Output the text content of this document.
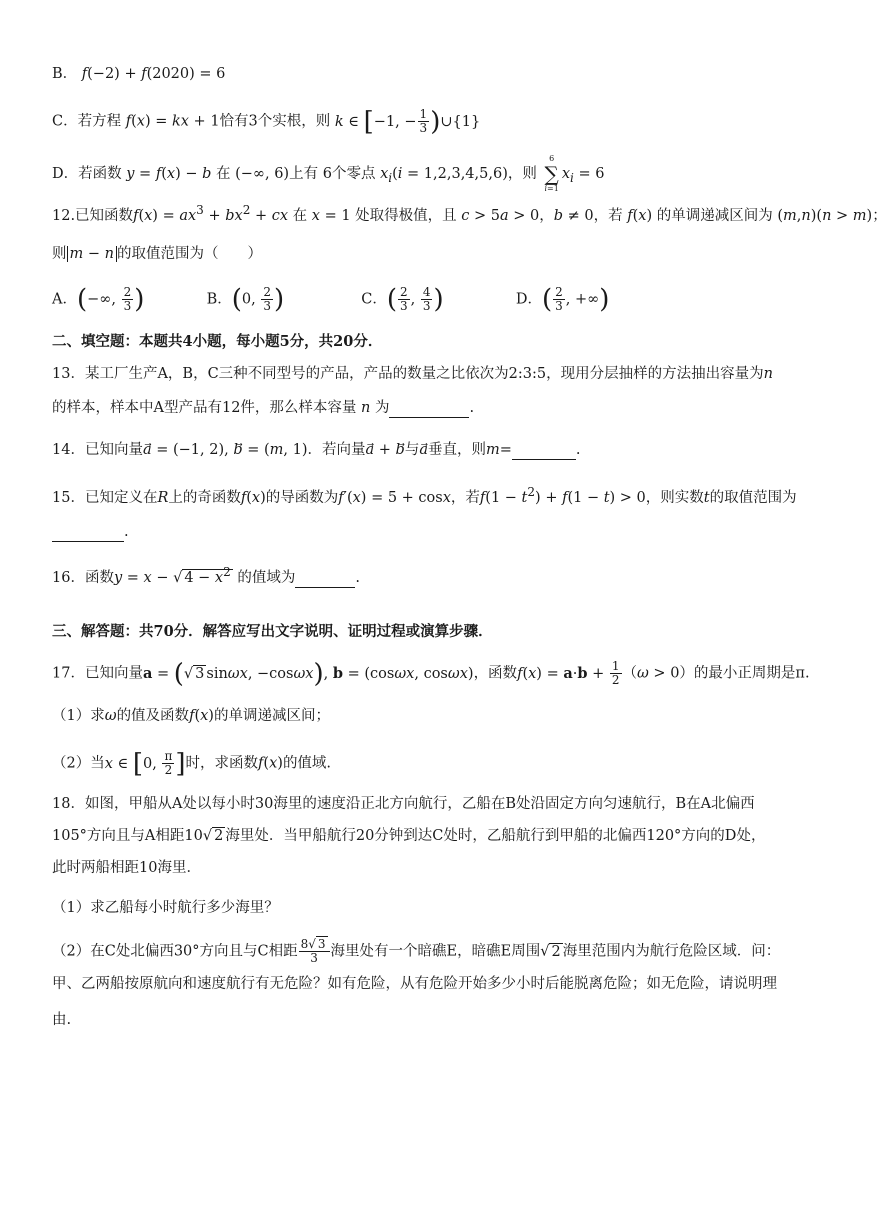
B． f(−2) + f(2020) = 6
C．若方程 f(x) = kx + 1恰有3个实根，则 k ∈ [−1, − $\frac{1}{3}$ )∪{1}
D．若函数 y = f(x) − b 在 (−∞, 6)上有 6个零点 $x_i(i = 1,2,3,4,5,6)$，则
6
∑
i=1
$x_i = 6$
12.已知函数$f(x) = ax^3 + bx^2$ + cx 在 x = 1 处取得极值，且 c > 5a > 0，b ≠ 0，若 f(x) 的单调递减区间为 (m,n)(n > m)；
则 m − n 的取值范围为（　　）
A．(−∞, $\frac{2}{3}$ )	B．(0, $\frac{2}{3}$ )	C．( $\frac{2}{3}$ , $\frac{4}{3}$ )	D．( $\frac{2}{3}$ , +∞)
二、填空题：本题共4小题，每小题5分，共20分．
13．某工厂生产A，B，C三种不同型号的产品，产品的数量之比依次为2:3:5，现用分层抽样的方法抽出容量为n
的样本，样本中A型产品有12件，那么样本容量 n 为	.
14．已知向量a⃗ = (−1, 2), b⃗ = (m, 1)．若向量a⃗ + b与a垂直，则m=	.
15．已知定义在R上的奇函数f(x)的导函数为f′(x) = 5 + cosx，若$f(1 - t^2) + f(1 - t) > 0$，则实数t的取值范围为
.
16．函数y = x − √ $4 - x^2$ 的值域为	.
三、解答题：共70分．解答应写出文字说明、证明过程或演算步骤．
17．已知向量a = (√ 3 sinωx, −cosωx), b = (cosωx, cosωx)，函数$f(x) = a\cdot b + \frac{1}{2} (\omega > 0)$的最小正周期是π.
（1）求ω的值及函数f(x)的单调递减区间；
（2）当x ∈ [0, $\frac{\pi}{2}$ ]时，求函数f(x)的值域.
18．如图，甲船从A处以每小时30海里的速度沿正北方向航行，乙船在B处沿固定方向匀速航行，B在A北偏西
105°方向且与A相距10√ 2 海里处．当甲船航行20分钟到达C处时，乙船航行到甲船的北偏西120°方向的D处，
此时两船相距10海里．
（1）求乙船每小时航行多少海里？
（2）在C处北偏西30°方向且与C相距 $\frac{8√ 3}{3}$ 海里处有一个暗礁E，暗礁E周围√ 2 海里范围内为航行危险区域．问：
甲、乙两船按原航向和速度航行有无危险？如有危险，从有危险开始多少小时后能脱离危险；如无危险，请说明理
由.
